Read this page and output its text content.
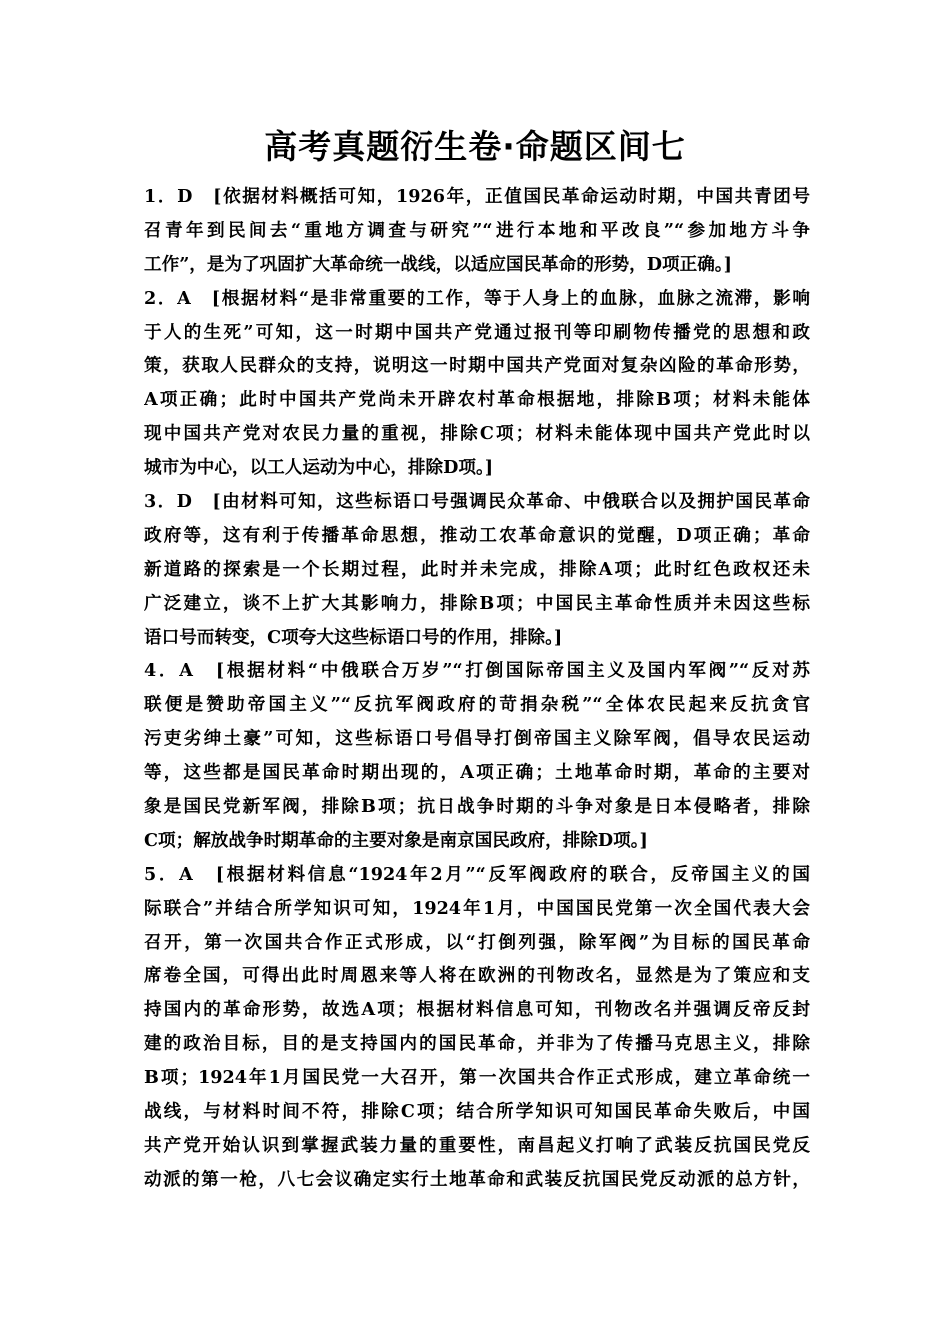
高考真题衍生卷·命题区间七
1．D　[依据材料概括可知，1926年，正值国民革命运动时期，中国共青团号
召青年到民间去“重地方调查与研究”“进行本地和平改良”“参加地方斗争
工作”，是为了巩固扩大革命统一战线，以适应国民革命的形势，D项正确。]
2．A　[根据材料“是非常重要的工作，等于人身上的血脉，血脉之流滞，影响
于人的生死”可知，这一时期中国共产党通过报刊等印刷物传播党的思想和政
策，获取人民群众的支持，说明这一时期中国共产党面对复杂凶险的革命形势，
A项正确；此时中国共产党尚未开辟农村革命根据地，排除B项；材料未能体
现中国共产党对农民力量的重视，排除C项；材料未能体现中国共产党此时以
城市为中心，以工人运动为中心，排除D项。]
3．D　[由材料可知，这些标语口号强调民众革命、中俄联合以及拥护国民革命
政府等，这有利于传播革命思想，推动工农革命意识的觉醒，D项正确；革命
新道路的探索是一个长期过程，此时并未完成，排除A项；此时红色政权还未
广泛建立，谈不上扩大其影响力，排除B项；中国民主革命性质并未因这些标
语口号而转变，C项夸大这些标语口号的作用，排除。]
4．A　[根据材料“中俄联合万岁”“打倒国际帝国主义及国内军阀”“反对苏
联便是赞助帝国主义”“反抗军阀政府的苛捐杂税”“全体农民起来反抗贪官
污吏劣绅土豪”可知，这些标语口号倡导打倒帝国主义除军阀，倡导农民运动
等，这些都是国民革命时期出现的，A项正确；土地革命时期，革命的主要对
象是国民党新军阀，排除B项；抗日战争时期的斗争对象是日本侵略者，排除
C项；解放战争时期革命的主要对象是南京国民政府，排除D项。]
5．A　[根据材料信息“1924年2月”“反军阀政府的联合，反帝国主义的国
际联合”并结合所学知识可知，1924年1月，中国国民党第一次全国代表大会
召开，第一次国共合作正式形成，以“打倒列强，除军阀”为目标的国民革命
席卷全国，可得出此时周恩来等人将在欧洲的刊物改名，显然是为了策应和支
持国内的革命形势，故选A项；根据材料信息可知，刊物改名并强调反帝反封
建的政治目标，目的是支持国内的国民革命，并非为了传播马克思主义，排除
B项；1924年1月国民党一大召开，第一次国共合作正式形成，建立革命统一
战线，与材料时间不符，排除C项；结合所学知识可知国民革命失败后，中国
共产党开始认识到掌握武装力量的重要性，南昌起义打响了武装反抗国民党反
动派的第一枪，八七会议确定实行土地革命和武装反抗国民党反动派的总方针，
